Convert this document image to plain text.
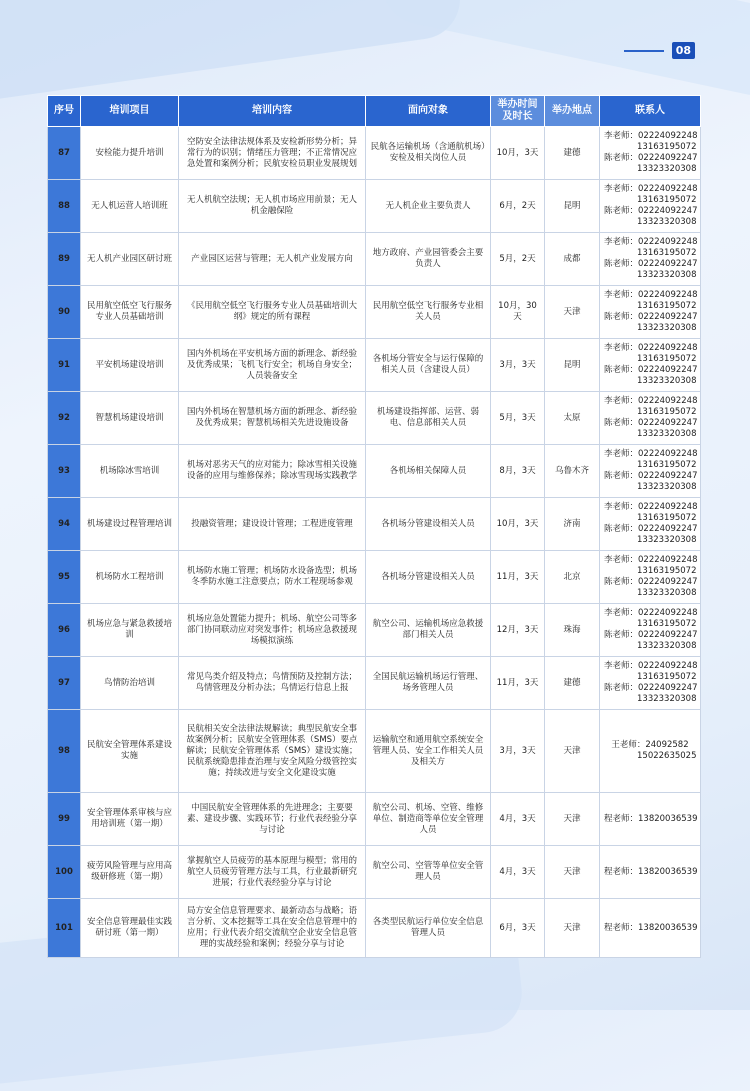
08
序号	培训项目	培训内容	面向对象	举办时间及时长	举办地点	联系人
87	安检能力提升培训	空防安全法律法规体系及安检新形势分析；异常行为的识别；情绪压力管理；不正常情况应急处置和案例分析；民航安检员职业发展规划	民航各运输机场（含通航机场）安检及相关岗位人员	10月，3天	建德	李老师：02224092248
13163195072
陈老师：02224092247
13323320308

88	无人机运营人培训班	无人机航空法规；无人机市场应用前景；无人机金融保险	无人机企业主要负责人	6月，2天	昆明	李老师：02224092248
13163195072
陈老师：02224092247
13323320308

89	无人机产业园区研讨班	产业园区运营与管理；无人机产业发展方向	地方政府、产业园管委会主要负责人	5月，2天	成都	李老师：02224092248
13163195072
陈老师：02224092247
13323320308

90	民用航空低空飞行服务专业人员基础培训	《民用航空低空飞行服务专业人员基础培训大纲》规定的所有课程	民用航空低空飞行服务专业相关人员	10月，30天	天津	李老师：02224092248
13163195072
陈老师：02224092247
13323320308

91	平安机场建设培训	国内外机场在平安机场方面的新理念、新经验及优秀成果；飞机飞行安全；机场自身安全；人员装备安全	各机场分管安全与运行保障的相关人员（含建设人员）	3月，3天	昆明	李老师：02224092248
13163195072
陈老师：02224092247
13323320308

92	智慧机场建设培训	国内外机场在智慧机场方面的新理念、新经验及优秀成果；智慧机场相关先进设施设备	机场建设指挥部、运营、弱电、信息部相关人员	5月，3天	太原	李老师：02224092248
13163195072
陈老师：02224092247
13323320308

93	机场除冰雪培训	机场对恶劣天气的应对能力；除冰雪相关设施设备的应用与维修保养；除冰雪现场实践教学	各机场相关保障人员	8月，3天	乌鲁木齐	李老师：02224092248
13163195072
陈老师：02224092247
13323320308

94	机场建设过程管理培训	投融资管理；建设设计管理；工程进度管理	各机场分管建设相关人员	10月，3天	济南	李老师：02224092248
13163195072
陈老师：02224092247
13323320308

95	机场防水工程培训	机场防水施工管理；机场防水设备选型；机场冬季防水施工注意要点；防水工程现场参观	各机场分管建设相关人员	11月，3天	北京	李老师：02224092248
13163195072
陈老师：02224092247
13323320308

96	机场应急与紧急救援培训	机场应急处置能力提升；机场、航空公司等多部门协同联动应对突发事件；机场应急救援现场模拟演练	航空公司、运输机场应急救援部门相关人员	12月，3天	珠海	李老师：02224092248
13163195072
陈老师：02224092247
13323320308

97	鸟情防治培训	常见鸟类介绍及特点；鸟情预防及控制方法；鸟情管理及分析办法；鸟情运行信息上报	全国民航运输机场运行管理、场务管理人员	11月，3天	建德	李老师：02224092248
13163195072
陈老师：02224092247
13323320308

98	民航安全管理体系建设实施	民航相关安全法律法规解读；典型民航安全事故案例分析；民航安全管理体系（SMS）要点解读；民航安全管理体系（SMS）建设实施；民航系统隐患排查治理与安全风险分级管控实施；持续改进与安全文化建设实施	运输航空和通用航空系统安全管理人员、安全工作相关人员及相关方	3月，3天	天津	王老师：24092582
15022635025

99	安全管理体系审核与应用培训班（第一期）	中国民航安全管理体系的先进理念；主要要素、建设步骤、实践环节；行业代表经验分享与讨论	航空公司、机场、空管、维修单位、制造商等单位安全管理人员	4月，3天	天津	程老师：13820036539

100	疲劳风险管理与应用高级研修班（第一期）	掌握航空人员疲劳的基本原理与模型；常用的航空人员疲劳管理方法与工具，行业最新研究进展；行业代表经验分享与讨论	航空公司、空管等单位安全管理人员	4月，3天	天津	程老师：13820036539

101	安全信息管理最佳实践研讨班（第一期）	局方安全信息管理要求、最新动态与战略；语言分析、文本挖掘等工具在安全信息管理中的应用；行业代表介绍交流航空企业安全信息管理的实战经验和案例；经验分享与讨论	各类型民航运行单位安全信息管理人员	6月，3天	天津	程老师：13820036539
